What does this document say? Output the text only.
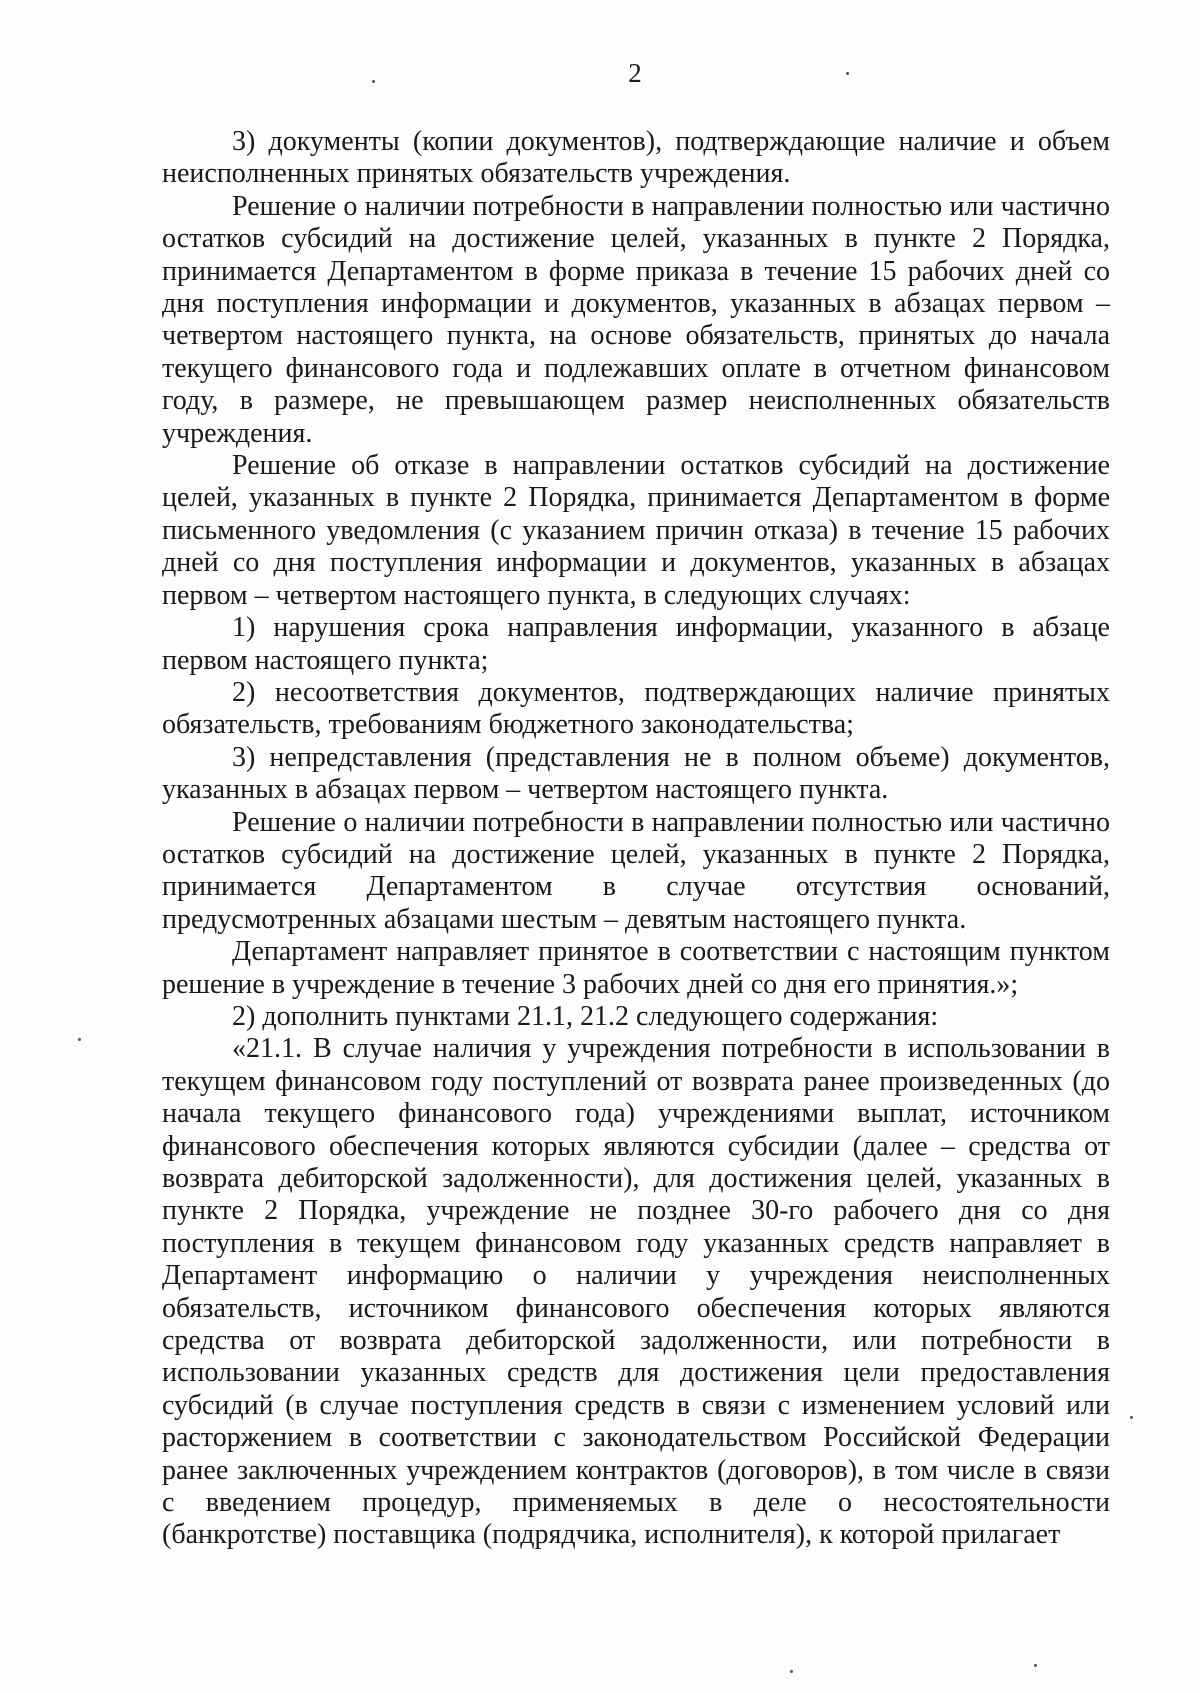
2

3) документы (копии документов), подтверждающие наличие и объем неисполненных принятых обязательств учреждения.

Решение о наличии потребности в направлении полностью или частично остатков субсидий на достижение целей, указанных в пункте 2 Порядка, принимается Департаментом в форме приказа в течение 15 рабочих дней со дня поступления информации и документов, указанных в абзацах первом – четвертом настоящего пункта, на основе обязательств, принятых до начала текущего финансового года и подлежавших оплате в отчетном финансовом году, в размере, не превышающем размер неисполненных обязательств учреждения.

Решение об отказе в направлении остатков субсидий на достижение целей, указанных в пункте 2 Порядка, принимается Департаментом в форме письменного уведомления (с указанием причин отказа) в течение 15 рабочих дней со дня поступления информации и документов, указанных в абзацах первом – четвертом настоящего пункта, в следующих случаях:

1) нарушения срока направления информации, указанного в абзаце первом настоящего пункта;

2) несоответствия документов, подтверждающих наличие принятых обязательств, требованиям бюджетного законодательства;

3) непредставления (представления не в полном объеме) документов, указанных в абзацах первом – четвертом настоящего пункта.

Решение о наличии потребности в направлении полностью или частично остатков субсидий на достижение целей, указанных в пункте 2 Порядка, принимается Департаментом в случае отсутствия оснований, предусмотренных абзацами шестым – девятым настоящего пункта.

Департамент направляет принятое в соответствии с настоящим пунктом решение в учреждение в течение 3 рабочих дней со дня его принятия.»;

2) дополнить пунктами 21.1, 21.2 следующего содержания:

«21.1. В случае наличия у учреждения потребности в использовании в текущем финансовом году поступлений от возврата ранее произведенных (до начала текущего финансового года) учреждениями выплат, источником финансового обеспечения которых являются субсидии (далее – средства от возврата дебиторской задолженности), для достижения целей, указанных в пункте 2 Порядка, учреждение не позднее 30-го рабочего дня со дня поступления в текущем финансовом году указанных средств направляет в Департамент информацию о наличии у учреждения неисполненных обязательств, источником финансового обеспечения которых являются средства от возврата дебиторской задолженности, или потребности в использовании указанных средств для достижения цели предоставления субсидий (в случае поступления средств в связи с изменением условий или расторжением в соответствии с законодательством Российской Федерации ранее заключенных учреждением контрактов (договоров), в том числе в связи с введением процедур, применяемых в деле о несостоятельности (банкротстве) поставщика (подрядчика, исполнителя), к которой прилагает
